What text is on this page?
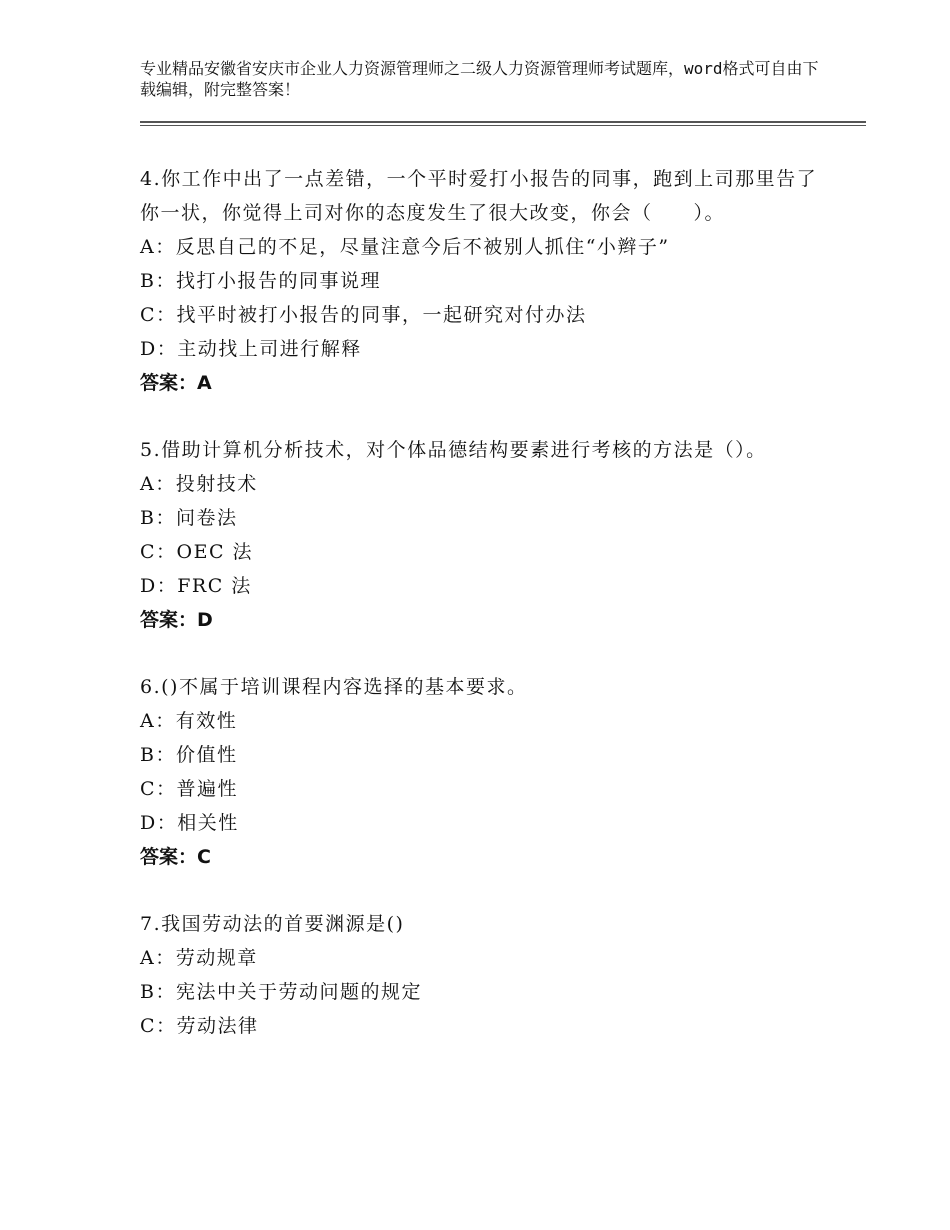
专业精品安徽省安庆市企业人力资源管理师之二级人力资源管理师考试题库，word格式可自由下载编辑，附完整答案！
4.你工作中出了一点差错，一个平时爱打小报告的同事，跑到上司那里告了你一状，你觉得上司对你的态度发生了很大改变，你会（　　）。
A：反思自己的不足，尽量注意今后不被别人抓住“小辫子”
B：找打小报告的同事说理
C：找平时被打小报告的同事，一起研究对付办法
D：主动找上司进行解释
答案：A
5.借助计算机分析技术，对个体品德结构要素进行考核的方法是（）。
A：投射技术
B：问卷法
C：OEC 法
D：FRC 法
答案：D
6.()不属于培训课程内容选择的基本要求。
A：有效性
B：价值性
C：普遍性
D：相关性
答案：C
7.我国劳动法的首要渊源是()
A：劳动规章
B：宪法中关于劳动问题的规定
C：劳动法律
